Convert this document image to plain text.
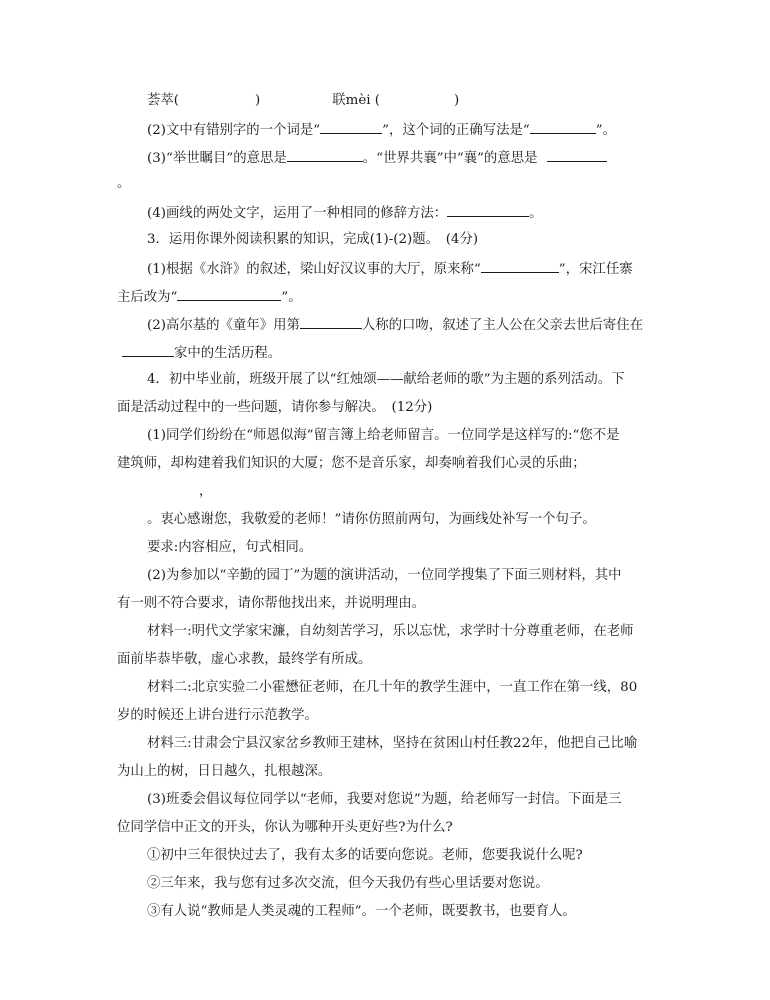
荟萃(	)	联mèi (	)
(2)文中有错别字的一个词是“	”，这个词的正确写法是“	”。
(3)“举世瞩目”的意思是	。“世界共襄”中“襄”的意思是
。
(4)画线的两处文字，运用了一种相同的修辞方法：	。
3．运用你课外阅读积累的知识，完成(1)-(2)题。　(4分)
(1)根据《水浒》的叙述，梁山好汉议事的大厅，原来称“	”，宋江任寨
主后改为“	”。
(2)高尔基的《童年》用第	人称的口吻，叙述了主人公在父亲去世后寄住在
家中的生活历程。
4．初中毕业前，班级开展了以“红烛颂——献给老师的歌”为主题的系列活动。下
面是活动过程中的一些问题，请你参与解决。　(12分)
(1)同学们纷纷在“师恩似海”留言簿上给老师留言。一位同学是这样写的:“您不是
建筑师，却构建着我们知识的大厦；您不是音乐家，却奏响着我们心灵的乐曲；
，
。衷心感谢您，我敬爱的老师！”请你仿照前两句，为画线处补写一个句子。
要求:内容相应，句式相同。
(2)为参加以“辛勤的园丁”为题的演讲活动，一位同学搜集了下面三则材料，其中
有一则不符合要求，请你帮他找出来，并说明理由。
材料一:明代文学家宋濂，自幼刻苦学习，乐以忘忧，求学时十分尊重老师，在老师
面前毕恭毕敬，虚心求教，最终学有所成。
材料二:北京实验二小霍懋征老师，在几十年的教学生涯中，一直工作在第一线，80
岁的时候还上讲台进行示范教学。
材料三:甘肃会宁县汉家岔乡教师王建林，坚持在贫困山村任教22年，他把自己比喻
为山上的树，日日越久，扎根越深。
(3)班委会倡议每位同学以“老师，我要对您说”为题，给老师写一封信。下面是三
位同学信中正文的开头，你认为哪种开头更好些?为什么?
①初中三年很快过去了，我有太多的话要向您说。老师，您要我说什么呢?
②三年来，我与您有过多次交流，但今天我仍有些心里话要对您说。
③有人说“教师是人类灵魂的工程师”。一个老师，既要教书，也要育人。
